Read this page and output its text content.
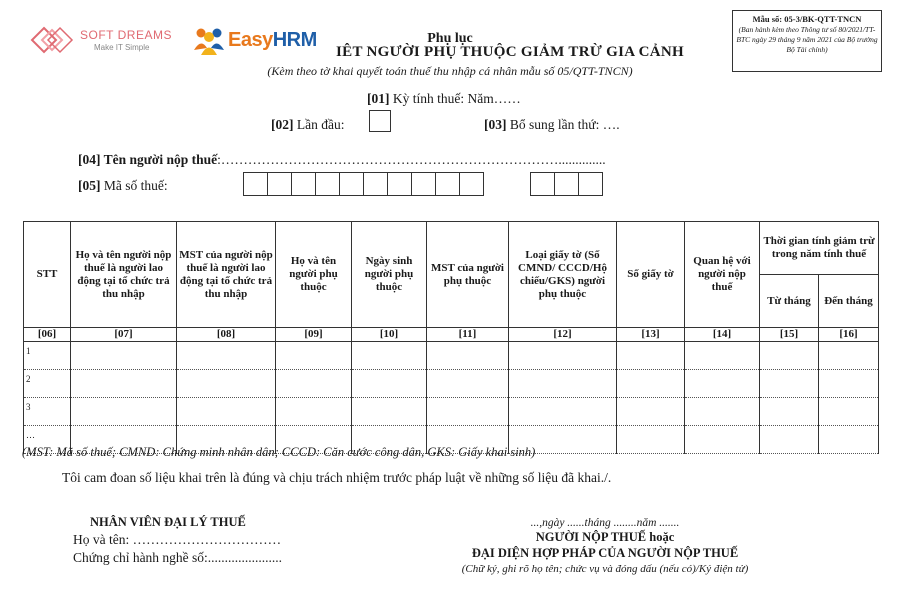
SOFT DREAMS
Make IT Simple	EasyHRM
Mẫu số: 05-3/BK-QTT-TNCN
(Ban hành kèm theo Thông tư số 80/2021/TT-BTC ngày 29 tháng 9 năm 2021 của Bộ trưởng Bộ Tài chính)
Phụ lục
IÊT NGƯỜI PHỤ THUỘC GIẢM TRỪ GIA CẢNH
(Kèm theo tờ khai quyết toán thuế thu nhập cá nhân mẫu số 05/QTT-TNCN)
[01] Kỳ tính thuế: Năm……
[02] Lần đầu:	[03] Bổ sung lần thứ: ….
[04] Tên người nộp thuế:…………………………………………………………………..............
[05] Mã số thuế:
STT	Họ và tên người nộp thuế là người lao động tại tổ chức trả thu nhập	MST của người nộp thuế là người lao động tại tổ chức trả thu nhập	Họ và tên người phụ thuộc	Ngày sinh người phụ thuộc	MST của người phụ thuộc	Loại giấy tờ (Số CMND/ CCCD/Hộ chiếu/GKS) người phụ thuộc	Số giấy tờ	Quan hệ với người nộp thuế	Thời gian tính giảm trừ trong năm tính thuế	
									Từ tháng	Đến tháng
[06]	[07]	[08]	[09]	[10]	[11]	[12]	[13]	[14]	[15]	[16]
1										
2										
3										
…										
(MST: Mã số thuế; CMND: Chứng minh nhân dân; CCCD: Căn cước công dân, GKS: Giấy khai sinh)
Tôi cam đoan số liệu khai trên là đúng và chịu trách nhiệm trước pháp luật về những số liệu đã khai./.
NHÂN VIÊN ĐẠI LÝ THUẾ
Họ và tên: ……………………………
Chứng chỉ hành nghề số:......................
...,ngày ......tháng ........năm .......
NGƯỜI NỘP THUẾ hoặc
ĐẠI DIỆN HỢP PHÁP CỦA NGƯỜI NỘP THUẾ
(Chữ ký, ghi rõ họ tên; chức vụ và đóng dấu (nếu có)/Ký điện tử)
